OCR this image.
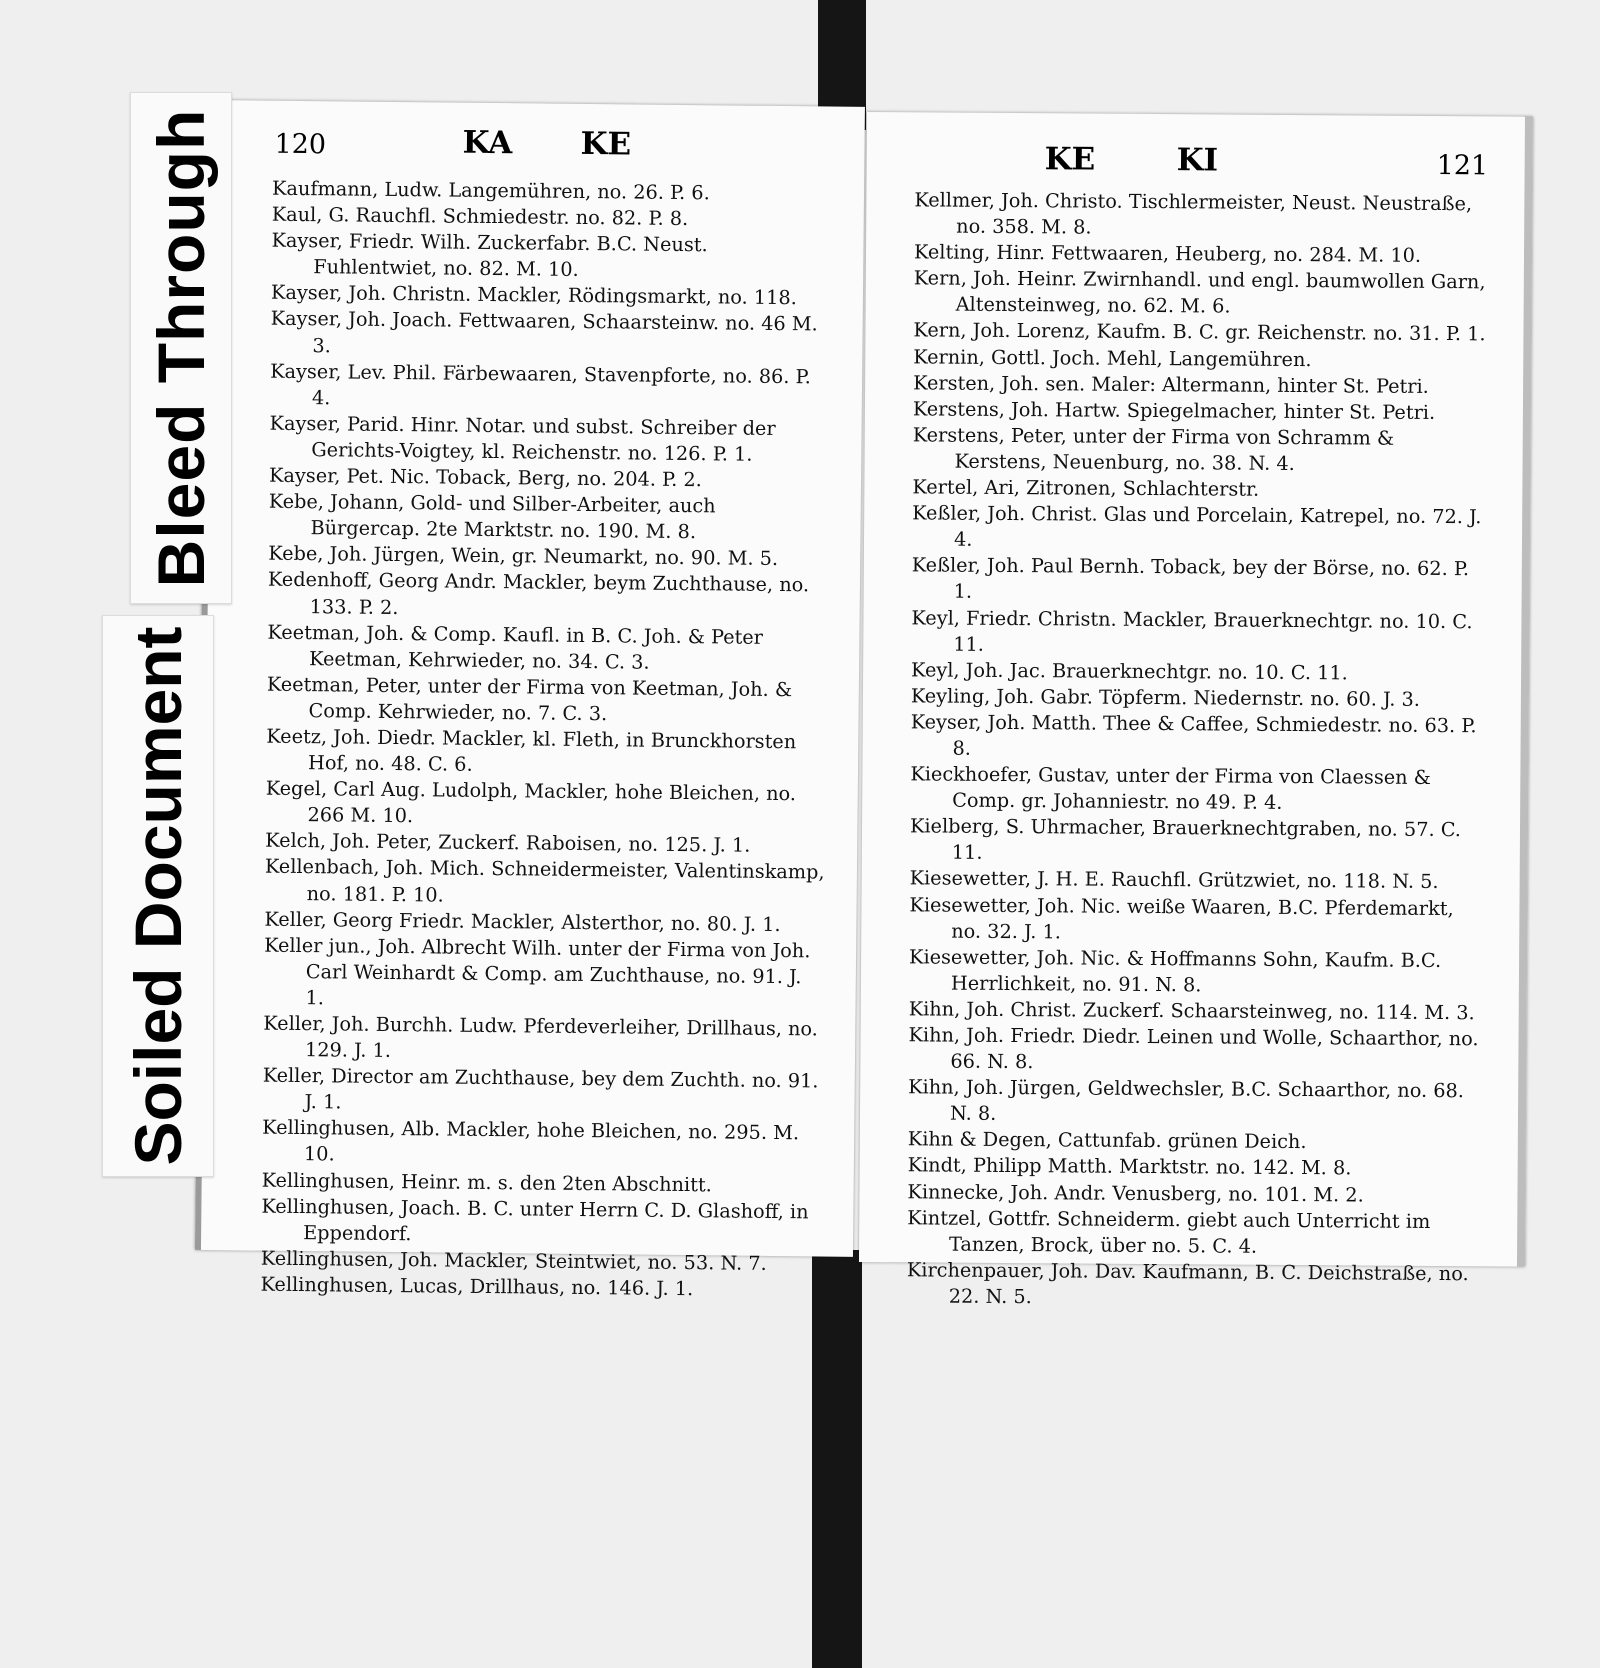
120	KA KE
Kaufmann, Ludw. Langemühren, no. 26. P. 6.
Kaul, G. Rauchfl. Schmiedestr. no. 82. P. 8.
Kayser, Friedr. Wilh. Zuckerfabr. B.C. Neust. Fuhlentwiet, no. 82. M. 10.
Kayser, Joh. Christn. Mackler, Rödingsmarkt, no. 118.
Kayser, Joh. Joach. Fettwaaren, Schaarsteinw. no. 46 M. 3.
Kayser, Lev. Phil. Färbewaaren, Stavenpforte, no. 86. P. 4.
Kayser, Parid. Hinr. Notar. und subst. Schreiber der Gerichts-Voigtey, kl. Reichenstr. no. 126. P. 1.
Kayser, Pet. Nic. Toback, Berg, no. 204. P. 2.
Kebe, Johann, Gold- und Silber-Arbeiter, auch Bürgercap. 2te Marktstr. no. 190. M. 8.
Kebe, Joh. Jürgen, Wein, gr. Neumarkt, no. 90. M. 5.
Kedenhoff, Georg Andr. Mackler, beym Zuchthause, no. 133. P. 2.
Keetman, Joh. & Comp. Kaufl. in B. C. Joh. & Peter Keetman, Kehrwieder, no. 34. C. 3.
Keetman, Peter, unter der Firma von Keetman, Joh. & Comp. Kehrwieder, no. 7. C. 3.
Keetz, Joh. Diedr. Mackler, kl. Fleth, in Brunckhorsten Hof, no. 48. C. 6.
Kegel, Carl Aug. Ludolph, Mackler, hohe Bleichen, no. 266 M. 10.
Kelch, Joh. Peter, Zuckerf. Raboisen, no. 125. J. 1.
Kellenbach, Joh. Mich. Schneidermeister, Valentinskamp, no. 181. P. 10.
Keller, Georg Friedr. Mackler, Alsterthor, no. 80. J. 1.
Keller jun., Joh. Albrecht Wilh. unter der Firma von Joh. Carl Weinhardt & Comp. am Zuchthause, no. 91. J. 1.
Keller, Joh. Burchh. Ludw. Pferdeverleiher, Drillhaus, no. 129. J. 1.
Keller, Director am Zuchthause, bey dem Zuchth. no. 91. J. 1.
Kellinghusen, Alb. Mackler, hohe Bleichen, no. 295. M. 10.
Kellinghusen, Heinr. m. s. den 2ten Abschnitt.
Kellinghusen, Joach. B. C. unter Herrn C. D. Glashoff, in Eppendorf.
Kellinghusen, Joh. Mackler, Steintwiet, no. 53. N. 7.
Kellinghusen, Lucas, Drillhaus, no. 146. J. 1.
KE	KI	121
Kellmer, Joh. Christo. Tischlermeister, Neust. Neustraße, no. 358. M. 8.
Kelting, Hinr. Fettwaaren, Heuberg, no. 284. M. 10.
Kern, Joh. Heinr. Zwirnhandl. und engl. baumwollen Garn, Altensteinweg, no. 62. M. 6.
Kern, Joh. Lorenz, Kaufm. B. C. gr. Reichenstr. no. 31. P. 1.
Kernin, Gottl. Joch. Mehl, Langemühren.
Kersten, Joh. sen. Maler: Altermann, hinter St. Petri.
Kerstens, Joh. Hartw. Spiegelmacher, hinter St. Petri.
Kerstens, Peter, unter der Firma von Schramm & Kerstens, Neuenburg, no. 38. N. 4.
Kertel, Ari, Zitronen, Schlachterstr.
Keßler, Joh. Christ. Glas und Porcelain, Katrepel, no. 72. J. 4.
Keßler, Joh. Paul Bernh. Toback, bey der Börse, no. 62. P. 1.
Keyl, Friedr. Christn. Mackler, Brauerknechtgr. no. 10. C. 11.
Keyl, Joh. Jac. Brauerknechtgr. no. 10. C. 11.
Keyling, Joh. Gabr. Töpferm. Niedernstr. no. 60. J. 3.
Keyser, Joh. Matth. Thee & Caffee, Schmiedestr. no. 63. P. 8.
Kieckhoefer, Gustav, unter der Firma von Claessen & Comp. gr. Johanniestr. no 49. P. 4.
Kielberg, S. Uhrmacher, Brauerknechtgraben, no. 57. C. 11.
Kiesewetter, J. H. E. Rauchfl. Grützwiet, no. 118. N. 5.
Kiesewetter, Joh. Nic. weiße Waaren, B.C. Pferdemarkt, no. 32. J. 1.
Kiesewetter, Joh. Nic. & Hoffmanns Sohn, Kaufm. B.C. Herrlichkeit, no. 91. N. 8.
Kihn, Joh. Christ. Zuckerf. Schaarsteinweg, no. 114. M. 3.
Kihn, Joh. Friedr. Diedr. Leinen und Wolle, Schaarthor, no. 66. N. 8.
Kihn, Joh. Jürgen, Geldwechsler, B.C. Schaarthor, no. 68. N. 8.
Kihn & Degen, Cattunfab. grünen Deich.
Kindt, Philipp Matth. Marktstr. no. 142. M. 8.
Kinnecke, Joh. Andr. Venusberg, no. 101. M. 2.
Kintzel, Gottfr. Schneiderm. giebt auch Unterricht im Tanzen, Brock, über no. 5. C. 4.
Kirchenpauer, Joh. Dav. Kaufmann, B. C. Deichstraße, no. 22. N. 5.
Bleed Through
Soiled Document
